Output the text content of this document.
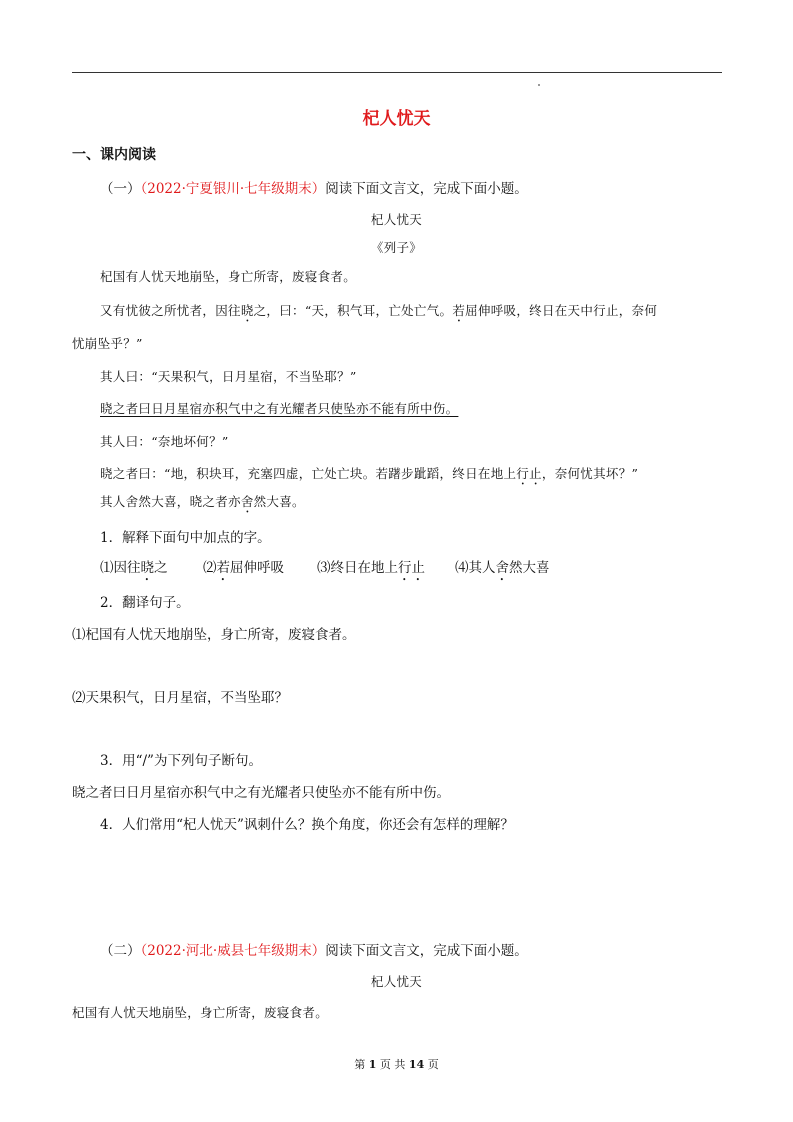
杞人忧天
一、课内阅读
（一）（2022·宁夏银川·七年级期末）阅读下面文言文，完成下面小题。
杞人忧天
《列子》
杞国有人忧天地崩坠，身亡所寄，废寝食者。
又有忧彼之所忧者，因往晓之，曰：“天，积气耳，亡处亡气。若屈伸呼吸，终日在天中行止，奈何
忧崩坠乎？”
其人曰：“天果积气，日月星宿，不当坠耶？”
晓之者曰日月星宿亦积气中之有光耀者只使坠亦不能有所中伤。
其人曰：“奈地坏何？”
晓之者曰：“地，积块耳，充塞四虚，亡处亡块。若躇步跐蹈，终日在地上行止，奈何忧其坏？”
其人舍然大喜，晓之者亦舍然大喜。
1．解释下面句中加点的字。
⑴因往晓之	⑵若屈伸呼吸 ⑶终日在地上行止 ⑷其人舍然大喜
2．翻译句子。
⑴杞国有人忧天地崩坠，身亡所寄，废寝食者。
⑵天果积气，日月星宿，不当坠耶？
3．用“/”为下列句子断句。
晓之者曰日月星宿亦积气中之有光耀者只使坠亦不能有所中伤。
4．人们常用“杞人忧天”讽刺什么？换个角度，你还会有怎样的理解？
（二）（2022·河北·威县七年级期末）阅读下面文言文，完成下面小题。
杞人忧天
杞国有人忧天地崩坠，身亡所寄，废寝食者。
第 1 页 共 14 页
